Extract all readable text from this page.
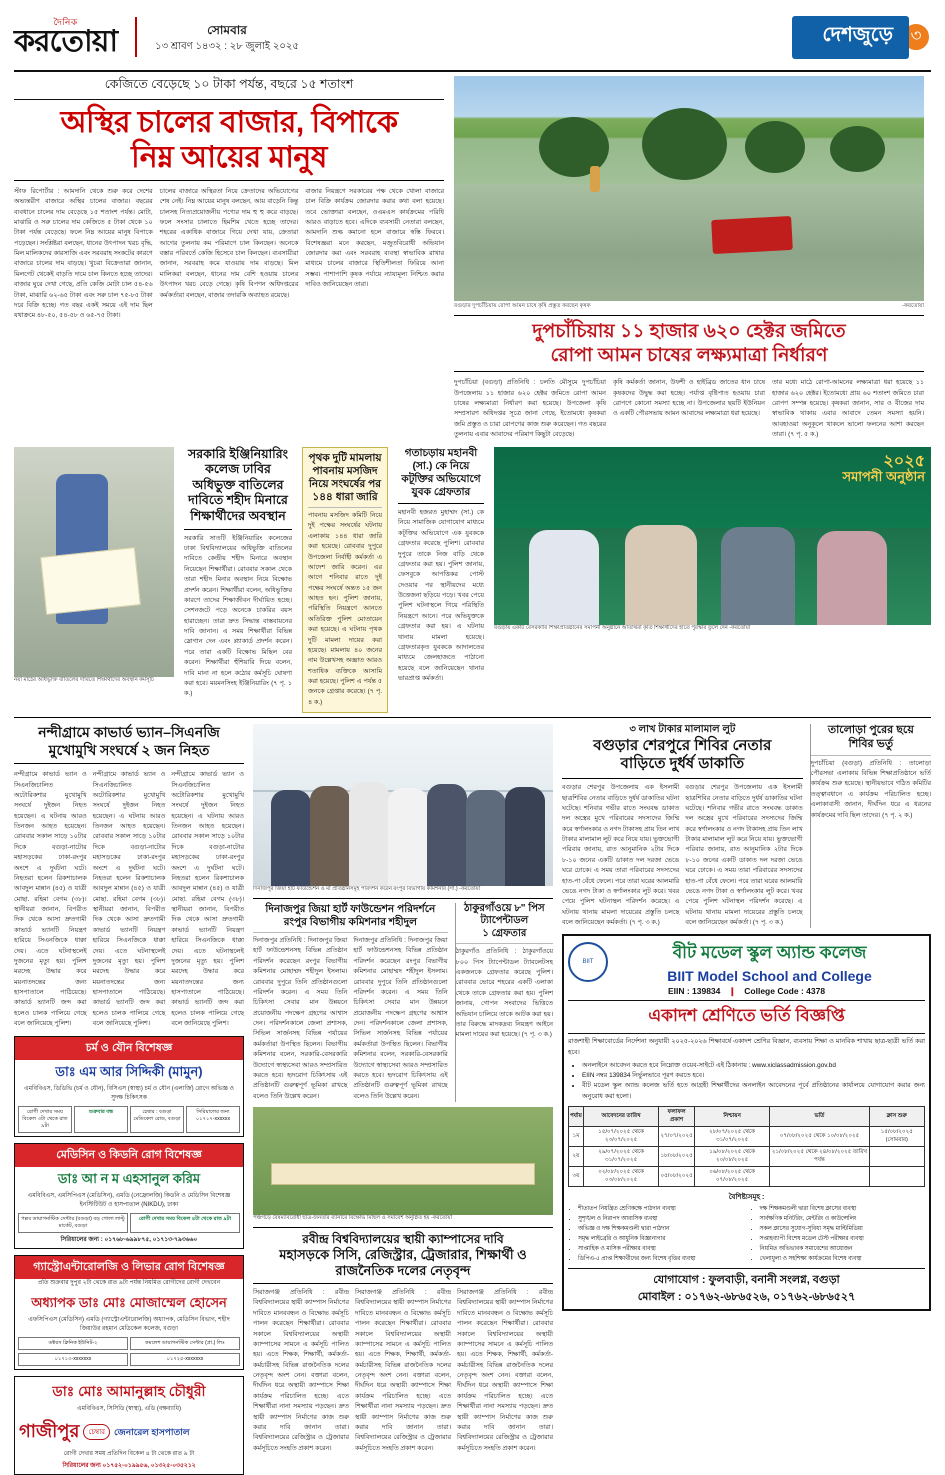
দৈনিক
করতোয়া	সোমবার
১৩ শ্রাবণ ১৪৩২ : ২৮ জুলাই ২০২৫
দেশজুড়ে	৩
কেজিতে বেড়েছে ১০ টাকা পর্যন্ত, বছরে ১৫ শতাংশ
অস্থির চালের বাজার, বিপাকে
নিম্ন আয়ের মানুষ
স্টাফ রিপোর্টার : আমদানি থেকে শুরু করে দেশের অভ্যন্তরীণ বাজারে অস্থির চালের বাজার। বছরের ব্যবধানে চালের দাম বেড়েছে ১৫ শতাংশ পর্যন্ত। মোটা, মাঝারি ও সরু চালের দাম কেজিতে ৫ টাকা থেকে ১০ টাকা পর্যন্ত বেড়েছে। ফলে নিম্ন আয়ের মানুষ বিপাকে পড়েছেন। সংশ্লিষ্টরা বলছেন, ধানের উৎপাদন খরচ বৃদ্ধি, মিল মালিকদের কারসাজি এবং সরবরাহ সংকটের কারণে বাজারে চালের দাম বাড়ছে। খুচরা বিক্রেতারা জানান, মিলগেট থেকেই বাড়তি দামে চাল কিনতে হচ্ছে তাদের। বাজার ঘুরে দেখা গেছে, প্রতি কেজি মোটা চাল ৫৪-৫৬ টাকা, মাঝারি ৬২-৬৫ টাকা এবং সরু চাল ৭৫-৮৫ টাকা দরে বিক্রি হচ্ছে। গত বছর একই সময়ে এই দাম ছিল যথাক্রমে ৪৮-৫০, ৫৪-৫৮ ও ৬৫-৭৫ টাকা।
চালের বাজারে অস্থিরতা নিয়ে ক্রেতাদের অভিযোগের শেষ নেই। নিম্ন আয়ের মানুষ বলছেন, আয় বাড়েনি কিন্তু চালসহ নিত্যপ্রয়োজনীয় পণ্যের দাম হু হু করে বাড়ছে। ফলে সংসার চালাতে হিমশিম খেতে হচ্ছে তাদের। শহরের একাধিক বাজারে গিয়ে দেখা যায়, ক্রেতারা আগের তুলনায় কম পরিমাণে চাল কিনছেন। অনেকে বস্তার পরিবর্তে কেজি হিসেবে চাল কিনছেন। ব্যবসায়ীরা জানান, সরবরাহ কমে যাওয়ায় দাম বাড়ছে। মিল মালিকরা বলছেন, ধানের দাম বেশি হওয়ায় চালের উৎপাদন খরচ বেড়ে গেছে। কৃষি বিপণন অধিদপ্তরের কর্মকর্তারা বলছেন, বাজার তদারকি অব্যাহত রয়েছে।
বাজার নিয়ন্ত্রণে সরকারের পক্ষ থেকে খোলা বাজারে চাল বিক্রি কার্যক্রম জোরদার করার কথা বলা হয়েছে। তবে ভোক্তারা বলছেন, ওএমএস কার্যক্রমের পরিধি আরও বাড়াতে হবে। এদিকে ব্যবসায়ী নেতারা বলছেন, আমদানি শুল্ক কমানো হলে বাজারে স্বস্তি ফিরবে। বিশেষজ্ঞরা মনে করছেন, মজুতবিরোধী অভিযান জোরদার করা এবং সরবরাহ ব্যবস্থা স্বাভাবিক রাখার মাধ্যমে চালের বাজারে স্থিতিশীলতা ফিরিয়ে আনা সম্ভব। পাশাপাশি কৃষক পর্যায়ে ন্যায্যমূল্য নিশ্চিত করার দাবিও জানিয়েছেন তারা।
বগুড়ার দুপচাঁচিয়ায় রোপা আমন চাষে কৃষি প্রস্তুত করছেন কৃষক	-করতোয়া
দুপচাঁচিয়ায় ১১ হাজার ৬২০ হেক্টর জমিতে
রোপা আমন চাষের লক্ষ্যমাত্রা নির্ধারণ
দুপচাঁচিয়া (বগুড়া) প্রতিনিধি : চলতি মৌসুমে দুপচাঁচিয়া উপজেলায় ১১ হাজার ৬২০ হেক্টর জমিতে রোপা আমন চাষের লক্ষ্যমাত্রা নির্ধারণ করা হয়েছে। উপজেলা কৃষি সম্প্রসারণ অধিদপ্তর সূত্রে জানা গেছে, ইতোমধ্যে কৃষকরা জমি প্রস্তুত ও চারা রোপণের কাজ শুরু করেছেন। গত বছরের তুলনায় এবার আবাদের পরিমাণ কিছুটা বেড়েছে।
কৃষি কর্মকর্তা জানান, উফশী ও হাইব্রিড জাতের ধান চাষে কৃষকদের উদ্বুদ্ধ করা হচ্ছে। পর্যাপ্ত বৃষ্টিপাত হওয়ায় চারা রোপণে কোনো সমস্যা হচ্ছে না। উপজেলার ছয়টি ইউনিয়ন ও একটি পৌরসভায় আমন আবাদের লক্ষ্যমাত্রা ধরা হয়েছে।
তার মধ্যে মাঠে রোপা-আমনের লক্ষ্যমাত্রা ধরা হয়েছে ১১ হাজার ৬২০ হেক্টর। ইতোমধ্যে প্রায় ৬০ শতাংশ জমিতে চারা রোপণ সম্পন্ন হয়েছে। কৃষকরা জানান, সার ও বীজের দাম স্বাভাবিক থাকায় এবার আবাদে তেমন সমস্যা হয়নি। আবহাওয়া অনুকূলে থাকলে ভালো ফলনের আশা করছেন তারা। (৭ পৃ. ৫ ক.)
নয়া মাঠের অধিভুক্তি বাতিলের দাবিতে শিক্ষার্থীদের অবস্থান কর্মসূচি
সরকারি ইঞ্জিনিয়ারিং কলেজ ঢাবির অধিভুক্ত বাতিলের দাবিতে শহীদ মিনারে শিক্ষার্থীদের অবস্থান
সরকারি সাতটি ইঞ্জিনিয়ারিং কলেজের ঢাকা বিশ্ববিদ্যালয়ের অধিভুক্তি বাতিলের দাবিতে কেন্দ্রীয় শহীদ মিনারে অবস্থান নিয়েছেন শিক্ষার্থীরা। রোববার সকাল থেকে তারা শহীদ মিনার অবস্থান নিয়ে বিক্ষোভ প্রদর্শন করেন। শিক্ষার্থীরা বলেন, অধিভুক্তির কারণে তাদের শিক্ষাজীবন দীর্ঘায়িত হচ্ছে। সেশনজটে পড়ে অনেকে চাকরির বয়স হারাচ্ছেন। তারা দ্রুত সিদ্ধান্ত বাস্তবায়নের দাবি জানান। এ সময় শিক্ষার্থীরা বিভিন্ন স্লোগান দেন এবং প্ল্যাকার্ড প্রদর্শন করেন। পরে তারা একটি বিক্ষোভ মিছিল বের করেন। শিক্ষার্থীরা হুঁশিয়ারি দিয়ে বলেন, দাবি মানা না হলে কঠোর কর্মসূচি ঘোষণা করা হবে। ময়মনসিংহ ইঞ্জিনিয়ারিং (৭ পৃ. ১ ক.)
পৃথক দুটি মামলায় পাবনায় মসজিদ নিয়ে সংঘর্ষের পর ১৪৪ ধারা জারি
পাবনায় মসজিদ কমিটি নিয়ে দুই পক্ষের সংঘর্ষের ঘটনায় এলাকায় ১৪৪ ধারা জারি করা হয়েছে। রোববার দুপুরে উপজেলা নির্বাহী কর্মকর্তা এ আদেশ জারি করেন। এর আগে শনিবার রাতে দুই পক্ষের সংঘর্ষে অন্তত ১৫ জন আহত হন। পুলিশ জানায়, পরিস্থিতি নিয়ন্ত্রণে আনতে অতিরিক্ত পুলিশ মোতায়েন করা হয়েছে। এ ঘটনায় পৃথক দুটি মামলা দায়ের করা হয়েছে। মামলায় ৪০ জনের নাম উল্লেখসহ অজ্ঞাত আরও শতাধিক ব্যক্তিকে আসামি করা হয়েছে। পুলিশ এ পর্যন্ত ৫ জনকে গ্রেপ্তার করেছে। (৭ পৃ. ৪ ক.)
গতাচড়ায় মহানবী (সা.) কে নিয়ে কটূক্তির অভিযোগে যুবক গ্রেফতার
মহানবী হজরত মুহাম্মদ (সা.) কে নিয়ে সামাজিক যোগাযোগ মাধ্যমে কটূক্তির অভিযোগে এক যুবককে গ্রেফতার করেছে পুলিশ। রোববার দুপুরে তাকে নিজ বাড়ি থেকে গ্রেফতার করা হয়। পুলিশ জানায়, ফেসবুকে আপত্তিকর পোস্ট দেওয়ার পর স্থানীয়দের মধ্যে উত্তেজনা ছড়িয়ে পড়ে। খবর পেয়ে পুলিশ ঘটনাস্থলে গিয়ে পরিস্থিতি নিয়ন্ত্রণে আনে। পরে অভিযুক্তকে গ্রেফতার করা হয়। এ ঘটনায় থানায় মামলা হয়েছে। গ্রেফতারকৃত যুবককে আদালতের মাধ্যমে জেলহাজতে পাঠানো হয়েছে বলে জানিয়েছেন থানার ভারপ্রাপ্ত কর্মকর্তা।
২০২৫
সমাপনী অনুষ্ঠান
বগুড়ায় একটি বেসরকারি শিক্ষাপ্রতিষ্ঠানের সমাপনী অনুষ্ঠানে অতিথিরা কৃতি শিক্ষার্থীদের হাতে পুরস্কার তুলে দেন -করতোয়া
নন্দীগ্রামে কাভার্ড ভ্যান–সিএনজি
মুখোমুখি সংঘর্ষে ২ জন নিহত
নন্দীগ্রামে কাভার্ড ভ্যান ও সিএনজিচালিত অটোরিকশার মুখোমুখি সংঘর্ষে দুইজন নিহত হয়েছেন। এ ঘটনায় আরও তিনজন আহত হয়েছেন। রোববার সকাল সাড়ে ১০টার দিকে বগুড়া-নাটোর মহাসড়কের ঢাকা-রংপুর অংশে এ দুর্ঘটনা ঘটে। নিহতরা হলেন রিকশাচালক আবদুল মান্নান (৪৫) ও যাত্রী মোছা. রহিমা বেগম (৩৮)। স্থানীয়রা জানান, বিপরীত দিক থেকে আসা দ্রুতগামী কাভার্ড ভ্যানটি নিয়ন্ত্রণ হারিয়ে সিএনজিকে ধাক্কা দেয়। এতে ঘটনাস্থলেই দুজনের মৃত্যু হয়। পুলিশ মরদেহ উদ্ধার করে ময়নাতদন্তের জন্য হাসপাতালে পাঠিয়েছে। কাভার্ড ভ্যানটি জব্দ করা হলেও চালক পালিয়ে গেছে বলে জানিয়েছে পুলিশ।
নন্দীগ্রামে কাভার্ড ভ্যান ও সিএনজিচালিত অটোরিকশার মুখোমুখি সংঘর্ষে দুইজন নিহত হয়েছেন। এ ঘটনায় আরও তিনজন আহত হয়েছেন। রোববার সকাল সাড়ে ১০টার দিকে বগুড়া-নাটোর মহাসড়কের ঢাকা-রংপুর অংশে এ দুর্ঘটনা ঘটে। নিহতরা হলেন রিকশাচালক আবদুল মান্নান (৪৫) ও যাত্রী মোছা. রহিমা বেগম (৩৮)। স্থানীয়রা জানান, বিপরীত দিক থেকে আসা দ্রুতগামী কাভার্ড ভ্যানটি নিয়ন্ত্রণ হারিয়ে সিএনজিকে ধাক্কা দেয়। এতে ঘটনাস্থলেই দুজনের মৃত্যু হয়। পুলিশ মরদেহ উদ্ধার করে ময়নাতদন্তের জন্য হাসপাতালে পাঠিয়েছে। কাভার্ড ভ্যানটি জব্দ করা হলেও চালক পালিয়ে গেছে বলে জানিয়েছে পুলিশ।
নন্দীগ্রামে কাভার্ড ভ্যান ও সিএনজিচালিত অটোরিকশার মুখোমুখি সংঘর্ষে দুইজন নিহত হয়েছেন। এ ঘটনায় আরও তিনজন আহত হয়েছেন। রোববার সকাল সাড়ে ১০টার দিকে বগুড়া-নাটোর মহাসড়কের ঢাকা-রংপুর অংশে এ দুর্ঘটনা ঘটে। নিহতরা হলেন রিকশাচালক আবদুল মান্নান (৪৫) ও যাত্রী মোছা. রহিমা বেগম (৩৮)। স্থানীয়রা জানান, বিপরীত দিক থেকে আসা দ্রুতগামী কাভার্ড ভ্যানটি নিয়ন্ত্রণ হারিয়ে সিএনজিকে ধাক্কা দেয়। এতে ঘটনাস্থলেই দুজনের মৃত্যু হয়। পুলিশ মরদেহ উদ্ধার করে ময়নাতদন্তের জন্য হাসপাতালে পাঠিয়েছে। কাভার্ড ভ্যানটি জব্দ করা হলেও চালক পালিয়ে গেছে বলে জানিয়েছে পুলিশ।
চর্ম ও যৌন বিশেষজ্ঞ
ডাঃ এম আর সিদ্দিকী (মামুন)
এমবিবিএস, ডিডিভি (চর্ম ও যৌন), বিসিএস (স্বাস্থ্য) চর্ম ও যৌন (এলার্জি) রোগে অভিজ্ঞ ও সুদক্ষ চিকিৎসক
রোগী দেখার সময় বিকেল ৩টা থেকে রাত ৯টা
শুক্রবার বন্ধ	চেম্বার : বগুড়া মেডিকেল রোড, বগুড়া
সিরিয়ালের জন্য ০১৭১৭-xxxxxx
মেডিসিন ও কিডনি রোগ বিশেষজ্ঞ
ডাঃ আ ন ম এহসানুল করিম
এমবিবিএস, এমসিপিএস (মেডিসিন), এমডি (নেফ্রোলজি) কিডনি ও মেডিসিন বিশেষজ্ঞ ইনস্টিটিউট ও হাসপাতাল (NIKDU), ঢাকা
পল্লব ডায়াগনস্টিক সেন্টার (বগুড়া) বড় গোলা লাল্টু মার্কেট, বগুড়া
রোগী দেখার সময় বিকেল ৪টা থেকে রাত ৯টা
সিরিয়ালের জন্য : ০১৭৬৮-৬৯৯৮৭৫, ০১৭১৩-৭৯৩৬৬০
গ্যাস্ট্রোএন্টারোলজি ও লিভার রোগ বিশেষজ্ঞ
প্রতি শুক্রবার দুপুর ২টা থেকে রাত ৯টা পর্যন্ত নিয়মিত রোগীদের রোগী দেখবেন
অধ্যাপক ডাঃ মোঃ মোজাম্মেল হোসেন
এফসিপিএস (মেডিসিন) এমডি (গ্যাস্ট্রোএন্টারোলজি) অধ্যাপক, মেডিসিন বিভাগ, শহীদ জিয়াউর রহমান মেডিকেল কলেজ, বগুড়া
ডক্টরস ক্লিনিক ইউনিট-২	কমলেশ ডায়াগনস্টিক সেন্টার (প্রা.) লিঃ
০১৭১৩-xxxxxxx	০১৭২৫-xxxxxxx
ডাঃ মোঃ আমানুল্লাহ চৌধুরী
এমবিবিএস, সিসিডি (স্বাস্থ্য), এডি (বক্ষব্যাধি)
গাজীপুর	চেম্বার	জেনারেল হাসপাতাল
রোগী দেখার সময় প্রতিদিন বিকেল ৪ টা থেকে রাত ৯ টা
সিরিয়ালের জন্য ০১৭৫২-০১৯৯৫৬, ০১৩২৫-০৩৫২১২
দিনাজপুর জিয়া হার্ট ফাউন্ডেশন ও মা প্রতিষ্ঠানসমূহ পরিদর্শন করেন রংপুর বিভাগীয় কমিশনার (সা.) -করতোয়া
দিনাজপুর জিয়া হার্ট ফাউন্ডেশন পরিদর্শনে রংপুর বিভাগীয় কমিশনার শহীদুল
দিনাজপুর প্রতিনিধি : দিনাজপুর জিয়া হার্ট ফাউন্ডেশনসহ বিভিন্ন প্রতিষ্ঠান পরিদর্শন করেছেন রংপুর বিভাগীয় কমিশনার মোহাম্মদ শহীদুল ইসলাম। রোববার দুপুরে তিনি প্রতিষ্ঠানগুলো পরিদর্শন করেন। এ সময় তিনি চিকিৎসা সেবার মান উন্নয়নে প্রয়োজনীয় পদক্ষেপ গ্রহণের আশ্বাস দেন। পরিদর্শনকালে জেলা প্রশাসক, সিভিল সার্জনসহ বিভিন্ন পর্যায়ের কর্মকর্তারা উপস্থিত ছিলেন। বিভাগীয় কমিশনার বলেন, সরকারি-বেসরকারি উদ্যোগে স্বাস্থ্যসেবা আরও সম্প্রসারিত করতে হবে। হৃদরোগ চিকিৎসায় এই প্রতিষ্ঠানটি গুরুত্বপূর্ণ ভূমিকা রাখছে বলেও তিনি উল্লেখ করেন।
দিনাজপুর প্রতিনিধি : দিনাজপুর জিয়া হার্ট ফাউন্ডেশনসহ বিভিন্ন প্রতিষ্ঠান পরিদর্শন করেছেন রংপুর বিভাগীয় কমিশনার মোহাম্মদ শহীদুল ইসলাম। রোববার দুপুরে তিনি প্রতিষ্ঠানগুলো পরিদর্শন করেন। এ সময় তিনি চিকিৎসা সেবার মান উন্নয়নে প্রয়োজনীয় পদক্ষেপ গ্রহণের আশ্বাস দেন। পরিদর্শনকালে জেলা প্রশাসক, সিভিল সার্জনসহ বিভিন্ন পর্যায়ের কর্মকর্তারা উপস্থিত ছিলেন। বিভাগীয় কমিশনার বলেন, সরকারি-বেসরকারি উদ্যোগে স্বাস্থ্যসেবা আরও সম্প্রসারিত করতে হবে। হৃদরোগ চিকিৎসায় এই প্রতিষ্ঠানটি গুরুত্বপূর্ণ ভূমিকা রাখছে বলেও তিনি উল্লেখ করেন।
ঠাকুরগাঁওয়ে ৮" পিস
ট্যাপেন্টাডল
১ গ্রেফতার
ঠাকুরগাঁও প্রতিনিধি : ঠাকুরগাঁওয়ে ৮০০ পিস ট্যাপেন্টাডল ট্যাবলেটসহ একজনকে গ্রেফতার করেছে পুলিশ। রোববার ভোরে শহরের একটি এলাকা থেকে তাকে গ্রেফতার করা হয়। পুলিশ জানায়, গোপন সংবাদের ভিত্তিতে অভিযান চালিয়ে তাকে আটক করা হয়। তার বিরুদ্ধে মাদকদ্রব্য নিয়ন্ত্রণ আইনে মামলা দায়ের করা হয়েছে। (৭ পৃ. ৩ ক.)
পঞ্চগড়ে বৈষম্যবিরোধী ছাত্র-জনতার ব্যানারে বিক্ষোভ মিছিল ও সমাবেশ অনুষ্ঠিত হয় -করতোয়া
রবীন্দ্র বিশ্ববিদ্যালয়ের স্থায়ী ক্যাম্পাসের দাবি
মহাসড়কে সিসি, রেজিস্ট্রার, ট্রেজারার, শিক্ষার্থী ও রাজনৈতিক দলের নেতৃবৃন্দ
সিরাজগঞ্জ প্রতিনিধি : রবীন্দ্র বিশ্ববিদ্যালয়ের স্থায়ী ক্যাম্পাস নির্মাণের দাবিতে মানববন্ধন ও বিক্ষোভ কর্মসূচি পালন করেছেন শিক্ষার্থীরা। রোববার সকালে বিশ্ববিদ্যালয়ের অস্থায়ী ক্যাম্পাসের সামনে এ কর্মসূচি পালিত হয়। এতে শিক্ষক, শিক্ষার্থী, কর্মকর্তা-কর্মচারীসহ বিভিন্ন রাজনৈতিক দলের নেতৃবৃন্দ অংশ নেন। বক্তারা বলেন, দীর্ঘদিন ধরে অস্থায়ী ক্যাম্পাসে শিক্ষা কার্যক্রম পরিচালিত হচ্ছে। এতে শিক্ষার্থীরা নানা সমস্যায় পড়ছেন। দ্রুত স্থায়ী ক্যাম্পাস নির্মাণের কাজ শুরু করার দাবি জানান তারা। বিশ্ববিদ্যালয়ের রেজিস্ট্রার ও ট্রেজারার কর্মসূচিতে সংহতি প্রকাশ করেন।
সিরাজগঞ্জ প্রতিনিধি : রবীন্দ্র বিশ্ববিদ্যালয়ের স্থায়ী ক্যাম্পাস নির্মাণের দাবিতে মানববন্ধন ও বিক্ষোভ কর্মসূচি পালন করেছেন শিক্ষার্থীরা। রোববার সকালে বিশ্ববিদ্যালয়ের অস্থায়ী ক্যাম্পাসের সামনে এ কর্মসূচি পালিত হয়। এতে শিক্ষক, শিক্ষার্থী, কর্মকর্তা-কর্মচারীসহ বিভিন্ন রাজনৈতিক দলের নেতৃবৃন্দ অংশ নেন। বক্তারা বলেন, দীর্ঘদিন ধরে অস্থায়ী ক্যাম্পাসে শিক্ষা কার্যক্রম পরিচালিত হচ্ছে। এতে শিক্ষার্থীরা নানা সমস্যায় পড়ছেন। দ্রুত স্থায়ী ক্যাম্পাস নির্মাণের কাজ শুরু করার দাবি জানান তারা। বিশ্ববিদ্যালয়ের রেজিস্ট্রার ও ট্রেজারার কর্মসূচিতে সংহতি প্রকাশ করেন।
সিরাজগঞ্জ প্রতিনিধি : রবীন্দ্র বিশ্ববিদ্যালয়ের স্থায়ী ক্যাম্পাস নির্মাণের দাবিতে মানববন্ধন ও বিক্ষোভ কর্মসূচি পালন করেছেন শিক্ষার্থীরা। রোববার সকালে বিশ্ববিদ্যালয়ের অস্থায়ী ক্যাম্পাসের সামনে এ কর্মসূচি পালিত হয়। এতে শিক্ষক, শিক্ষার্থী, কর্মকর্তা-কর্মচারীসহ বিভিন্ন রাজনৈতিক দলের নেতৃবৃন্দ অংশ নেন। বক্তারা বলেন, দীর্ঘদিন ধরে অস্থায়ী ক্যাম্পাসে শিক্ষা কার্যক্রম পরিচালিত হচ্ছে। এতে শিক্ষার্থীরা নানা সমস্যায় পড়ছেন। দ্রুত স্থায়ী ক্যাম্পাস নির্মাণের কাজ শুরু করার দাবি জানান তারা। বিশ্ববিদ্যালয়ের রেজিস্ট্রার ও ট্রেজারার কর্মসূচিতে সংহতি প্রকাশ করেন।
৩ লাখ টাকার মালামাল লুট
বগুড়ার শেরপুরে শিবির নেতার
বাড়িতে দুর্ধর্ষ ডাকাতি
বগুড়ার শেরপুর উপজেলায় এক ইসলামী ছাত্রশিবির নেতার বাড়িতে দুর্ধর্ষ ডাকাতির ঘটনা ঘটেছে। শনিবার গভীর রাতে সংঘবদ্ধ ডাকাত দল অস্ত্রের মুখে পরিবারের সদস্যদের জিম্মি করে স্বর্ণালংকার ও নগদ টাকাসহ প্রায় তিন লাখ টাকার মালামাল লুট করে নিয়ে যায়। ভুক্তভোগী পরিবার জানায়, রাত আনুমানিক ২টার দিকে ৮-১০ জনের একটি ডাকাত দল দরজা ভেঙে ঘরে ঢোকে। এ সময় তারা পরিবারের সদস্যদের হাত-পা বেঁধে ফেলে। পরে তারা ঘরের আলমারি ভেঙে নগদ টাকা ও স্বর্ণালংকার লুট করে। খবর পেয়ে পুলিশ ঘটনাস্থল পরিদর্শন করেছে। এ ঘটনায় থানায় মামলা দায়েরের প্রস্তুতি চলছে বলে জানিয়েছেন কর্মকর্তা। (৭ পৃ. ৩ ক.)
বগুড়ার শেরপুর উপজেলায় এক ইসলামী ছাত্রশিবির নেতার বাড়িতে দুর্ধর্ষ ডাকাতির ঘটনা ঘটেছে। শনিবার গভীর রাতে সংঘবদ্ধ ডাকাত দল অস্ত্রের মুখে পরিবারের সদস্যদের জিম্মি করে স্বর্ণালংকার ও নগদ টাকাসহ প্রায় তিন লাখ টাকার মালামাল লুট করে নিয়ে যায়। ভুক্তভোগী পরিবার জানায়, রাত আনুমানিক ২টার দিকে ৮-১০ জনের একটি ডাকাত দল দরজা ভেঙে ঘরে ঢোকে। এ সময় তারা পরিবারের সদস্যদের হাত-পা বেঁধে ফেলে। পরে তারা ঘরের আলমারি ভেঙে নগদ টাকা ও স্বর্ণালংকার লুট করে। খবর পেয়ে পুলিশ ঘটনাস্থল পরিদর্শন করেছে। এ ঘটনায় থানায় মামলা দায়েরের প্রস্তুতি চলছে বলে জানিয়েছেন কর্মকর্তা। (৭ পৃ. ৩ ক.)
তালোড়া পুরের ছয়ে
শিবির ভর্তু
দুপচাঁচিয়া (বগুড়া) প্রতিনিধি : তালোড়া পৌরসভা এলাকায় বিভিন্ন শিক্ষাপ্রতিষ্ঠানে ভর্তি কার্যক্রম শুরু হয়েছে। স্থানীয়ভাবে গঠিত কমিটির তত্ত্বাবধানে এ কার্যক্রম পরিচালিত হচ্ছে। এলাকাবাসী জানান, দীর্ঘদিন ধরে এ ধরনের কার্যক্রমের দাবি ছিল তাদের। (৭ পৃ. ২ ক.)
BIIT	বীট মডেল স্কুল অ্যান্ড কলেজ
BIIT Model School and College
EIIN : 139834 ❙ College Code : 4378
একাদশ শ্রেণিতে ভর্তি বিজ্ঞপ্তি
রাজশাহী শিক্ষাবোর্ডের নির্দেশনা অনুযায়ী ২০২৫-২০২৬ শিক্ষাবর্ষে একাদশ শ্রেণির বিজ্ঞান, ব্যবসায় শিক্ষা ও মানবিক শাখায় ছাত্র-ছাত্রী ভর্তি করা হবে।
• অনলাইনে আবেদন করতে হবে নিম্নোক্ত ওয়েব-সাইটে এই ঠিকানায় : www.xiclassadmission.gov.bd
• EIIN নম্বর 139834 নির্ভুলভাবে পূরণ করতে হবে।
• বীট মডেল স্কুল অ্যান্ড কলেজ ভর্তি হতে আগ্রহী শিক্ষার্থীদের অনলাইন আবেদনের পূর্বে প্রতিষ্ঠানের কার্যালয়ে যোগাযোগ করার জন্য অনুরোধ করা হলো।
পর্যায়	আবেদনের তারিখ	ফলাফল প্রকাশ	নিশ্চায়ন	ভর্তি	ক্লাস শুরু
১ম	১৫/০৭/২০২৫ থেকে ২৩/০৭/২০২৫	২৭/০৭/২০২৫	২৮/০৭/২০২৫ থেকে ৩১/০৭/২০২৫	০৭/০৮/২০২৫ থেকে ১০/০৮/২০২৫	১৫/০৮/২০২৫ (সোমবার)
২য়	২৯/০৭/২০২৫ থেকে ৩১/০৭/২০২৫	১৮/০৮/২০২৫	১৯/০৮/২০২৫ থেকে ২০/০৮/২০২৫	২১/০৮/২০২৫ থেকে ২৪/০৮/২০২৫ তারিখ পর্যন্ত	
৩য়	০২/০৮/২০২৫ থেকে ০৩/০৮/২০২৫	০৫/০৮/২০২৫	০৬/০৮/২০২৫ থেকে ০৭/০৮/২০২৫		
বৈশিষ্ট্যসমূহ :
• শীতাতপ নিয়ন্ত্রিত শ্রেণিকক্ষে পাঠদান ব্যবস্থা
• সুশৃঙ্খল ও নিরাপদ আবাসিক ব্যবস্থা
• অভিজ্ঞ ও দক্ষ শিক্ষকমণ্ডলী দ্বারা পাঠদান
• সমৃদ্ধ লাইব্রেরি ও আধুনিক বিজ্ঞানাগার
• সাপ্তাহিক ও মাসিক পরীক্ষার ব্যবস্থা
• ডিপিএ-৫ প্রাপ্ত শিক্ষার্থীদের জন্য বিশেষ বৃত্তির ব্যবস্থা
• দক্ষ শিক্ষকমণ্ডলী দ্বারা বিশেষ ক্লাসের ব্যবস্থা
• সার্বক্ষণিক মনিটরিং, মেন্টরিং ও কাউন্সেলিং
• সকল ক্লাসের সুযোগ-সুবিধা সমৃদ্ধ মাল্টিমিডিয়া
• সপ্তাহব্যাপী বিশেষ মডেল টেস্ট পরীক্ষার ব্যবস্থা
• নিয়মিত অভিভাবক সমাবেশের আয়োজন
• খেলাধুলা ও সহশিক্ষা কার্যক্রমের বিশেষ ব্যবস্থা
যোগাযোগ : ফুলবাড়ী, বনানী সংলগ্ন, বগুড়া
মোবাইল : ০১৭৬২-৬৮৬৫২৬, ০১৭৬২-৬৮৬৫২৭
